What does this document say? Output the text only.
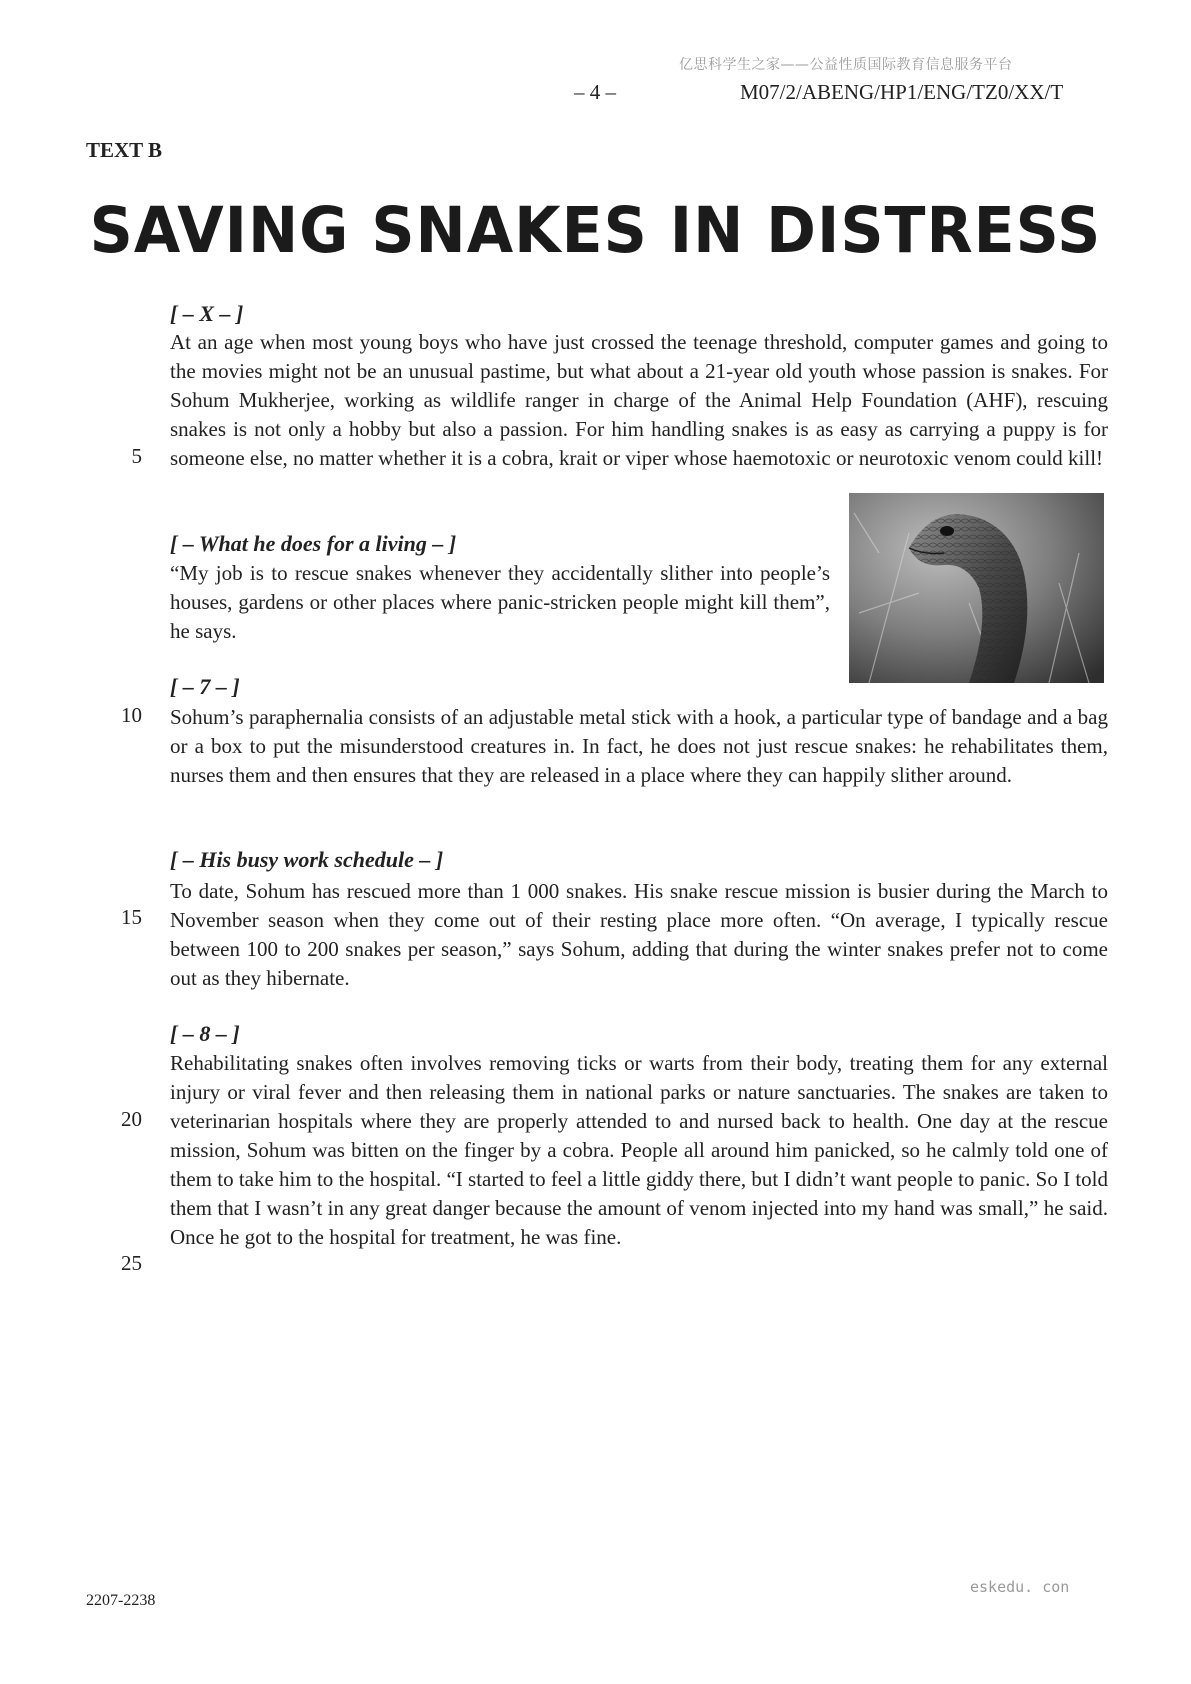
亿思科学生之家——公益性质国际教育信息服务平台
– 4 –	M07/2/ABENG/HP1/ENG/TZ0/XX/T
TEXT B
SAVING SNAKES IN DISTRESS
[ – X – ]

At an age when most young boys who have just crossed the teenage threshold, computer games and going to the movies might not be an unusual pastime, but what about a 21-year old youth whose passion is snakes. For Sohum Mukherjee, working as wildlife ranger in charge of the Animal Help Foundation (AHF), rescuing snakes is not only a hobby but also a passion. For him handling snakes is as easy as carrying a puppy is for someone else, no matter whether it is a cobra, krait or viper whose haemotoxic or neurotoxic venom could kill!

5
[ – What he does for a living – ]

“My job is to rescue snakes whenever they accidentally slither into people’s houses, gardens or other places where panic-stricken people might kill them”, he says.

[ – 7 – ]

Sohum’s paraphernalia consists of an adjustable metal stick with a hook, a particular type of bandage and a bag or a box to put the misunderstood creatures in. In fact, he does not just rescue snakes: he rehabilitates them, nurses them and then ensures that they are released in a place where they can happily slither around.

10
[ – His busy work schedule – ]

To date, Sohum has rescued more than 1 000 snakes. His snake rescue mission is busier during the March to November season when they come out of their resting place more often. “On average, I typically rescue between 100 to 200 snakes per season,” says Sohum, adding that during the winter snakes prefer not to come out as they hibernate.

15
[ – 8 – ]

Rehabilitating snakes often involves removing ticks or warts from their body, treating them for any external injury or viral fever and then releasing them in national parks or nature sanctuaries. The snakes are taken to veterinarian hospitals where they are properly attended to and nursed back to health. One day at the rescue mission, Sohum was bitten on the finger by a cobra. People all around him panicked, so he calmly told one of them to take him to the hospital. “I started to feel a little giddy there, but I didn’t want people to panic. So I told them that I wasn’t in any great danger because the amount of venom injected into my hand was small,” he said. Once he got to the hospital for treatment, he was fine.

20
25
2207-2238
eskedu. con
